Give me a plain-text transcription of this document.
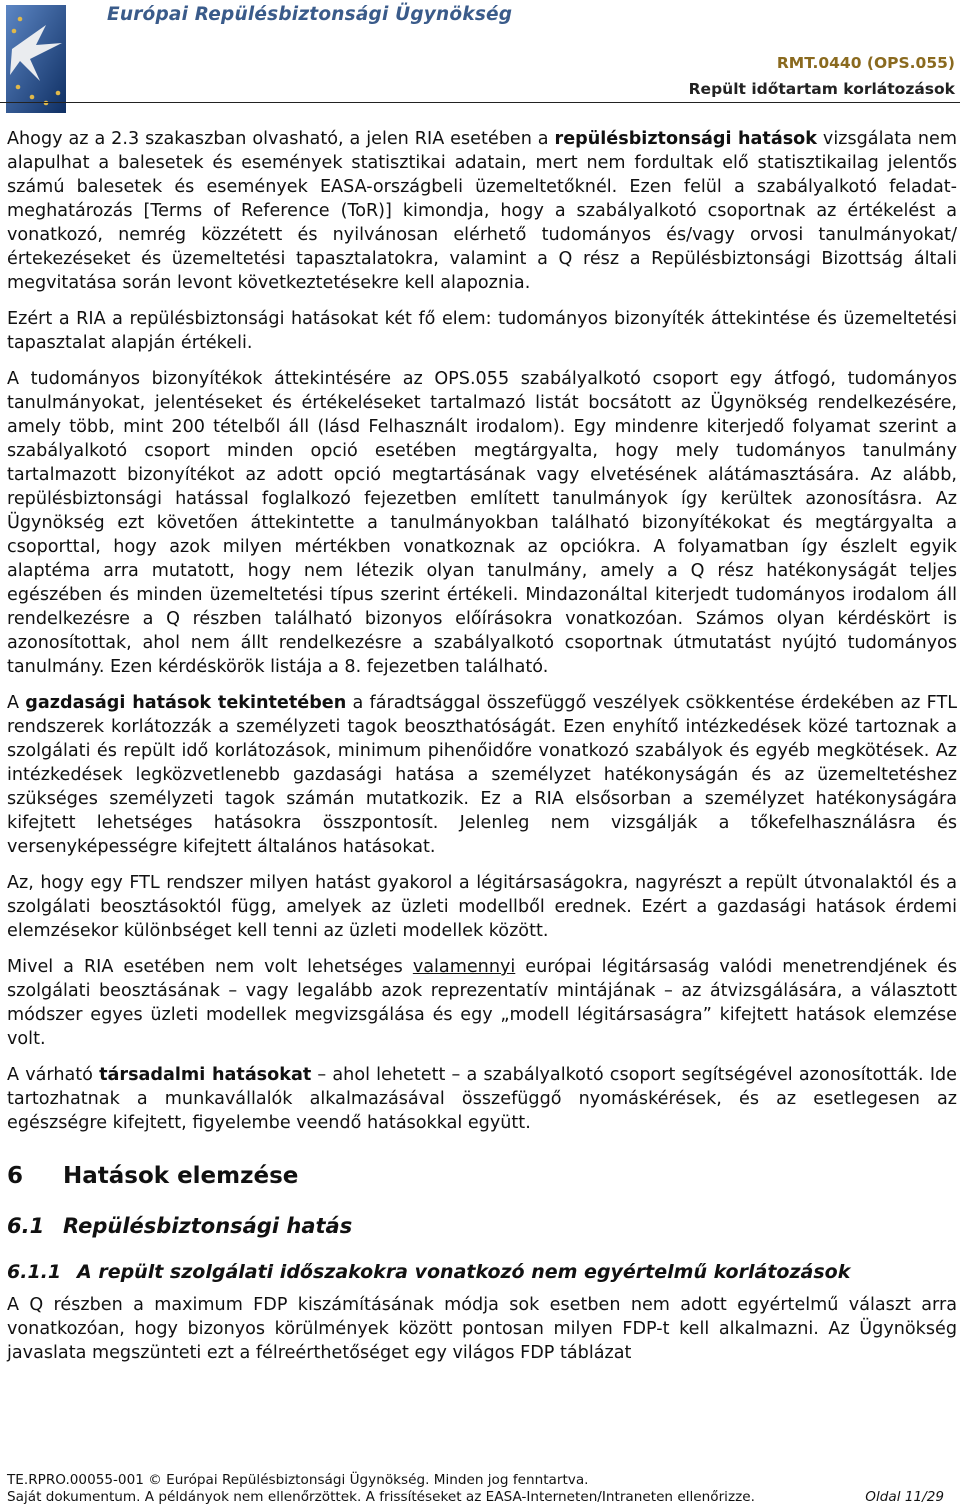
Európai Repülésbiztonsági Ügynökség
RMT.0440 (OPS.055)
Repült időtartam korlátozások

Ahogy az a 2.3 szakaszban olvasható, a jelen RIA esetében a repülésbiztonsági hatások vizsgálata nem alapulhat a balesetek és események statisztikai adatain, mert nem fordultak elő statisztikailag jelentős számú balesetek és események EASA-országbeli üzemeltetőknél. Ezen felül a szabályalkotó feladat-meghatározás [Terms of Reference (ToR)] kimondja, hogy a szabályalkotó csoportnak az értékelést a vonatkozó, nemrég közzétett és nyilvánosan elérhető tudományos és/vagy orvosi tanulmányokat/értekezéseket és üzemeltetési tapasztalatokra, valamint a Q rész a Repülésbiztonsági Bizottság általi megvitatása során levont következtetésekre kell alapoznia.

Ezért a RIA a repülésbiztonsági hatásokat két fő elem: tudományos bizonyíték áttekintése és üzemeltetési tapasztalat alapján értékeli.

A tudományos bizonyítékok áttekintésére az OPS.055 szabályalkotó csoport egy átfogó, tudományos tanulmányokat, jelentéseket és értékeléseket tartalmazó listát bocsátott az Ügynökség rendelkezésére, amely több, mint 200 tételből áll (lásd Felhasznált irodalom). Egy mindenre kiterjedő folyamat szerint a szabályalkotó csoport minden opció esetében megtárgyalta, hogy mely tudományos tanulmány tartalmazott bizonyítékot az adott opció megtartásának vagy elvetésének alátámasztására. Az alább, repülésbiztonsági hatással foglalkozó fejezetben említett tanulmányok így kerültek azonosításra. Az Ügynökség ezt követően áttekintette a tanulmányokban található bizonyítékokat és megtárgyalta a csoporttal, hogy azok milyen mértékben vonatkoznak az opciókra. A folyamatban így észlelt egyik alaptéma arra mutatott, hogy nem létezik olyan tanulmány, amely a Q rész hatékonyságát teljes egészében és minden üzemeltetési típus szerint értékeli. Mindazonáltal kiterjedt tudományos irodalom áll rendelkezésre a Q részben található bizonyos előírásokra vonatkozóan. Számos olyan kérdéskört is azonosítottak, ahol nem állt rendelkezésre a szabályalkotó csoportnak útmutatást nyújtó tudományos tanulmány. Ezen kérdéskörök listája a 8. fejezetben található.

A gazdasági hatások tekintetében a fáradtsággal összefüggő veszélyek csökkentése érdekében az FTL rendszerek korlátozzák a személyzeti tagok beoszthatóságát. Ezen enyhítő intézkedések közé tartoznak a szolgálati és repült idő korlátozások, minimum pihenőidőre vonatkozó szabályok és egyéb megkötések. Az intézkedések legközvetlenebb gazdasági hatása a személyzet hatékonyságán és az üzemeltetéshez szükséges személyzeti tagok számán mutatkozik. Ez a RIA elsősorban a személyzet hatékonyságára kifejtett lehetséges hatásokra összpontosít. Jelenleg nem vizsgálják a tőkefelhasználásra és versenyképességre kifejtett általános hatásokat.

Az, hogy egy FTL rendszer milyen hatást gyakorol a légitársaságokra, nagyrészt a repült útvonalaktól és a szolgálati beosztásoktól függ, amelyek az üzleti modellből erednek. Ezért a gazdasági hatások érdemi elemzésekor különbséget kell tenni az üzleti modellek között.

Mivel a RIA esetében nem volt lehetséges valamennyi európai légitársaság valódi menetrendjének és szolgálati beosztásának – vagy legalább azok reprezentatív mintájának – az átvizsgálására, a választott módszer egyes üzleti modellek megvizsgálása és egy „modell légitársaságra” kifejtett hatások elemzése volt.

A várható társadalmi hatásokat – ahol lehetett – a szabályalkotó csoport segítségével azonosították. Ide tartozhatnak a munkavállalók alkalmazásával összefüggő nyomáskérések, és az esetlegesen az egészségre kifejtett, figyelembe veendő hatásokkal együtt.

6 Hatások elemzése
6.1 Repülésbiztonsági hatás
6.1.1 A repült szolgálati időszakokra vonatkozó nem egyértelmű korlátozások

A Q részben a maximum FDP kiszámításának módja sok esetben nem adott egyértelmű választ arra vonatkozóan, hogy bizonyos körülmények között pontosan milyen FDP-t kell alkalmazni. Az Ügynökség javaslata megszünteti ezt a félreérthetőséget egy világos FDP táblázat

TE.RPRO.00055-001 © Európai Repülésbiztonsági Ügynökség. Minden jog fenntartva.
Saját dokumentum. A példányok nem ellenőrzöttek. A frissítéseket az EASA-Interneten/Intraneten ellenőrizze.	Oldal 11/29
